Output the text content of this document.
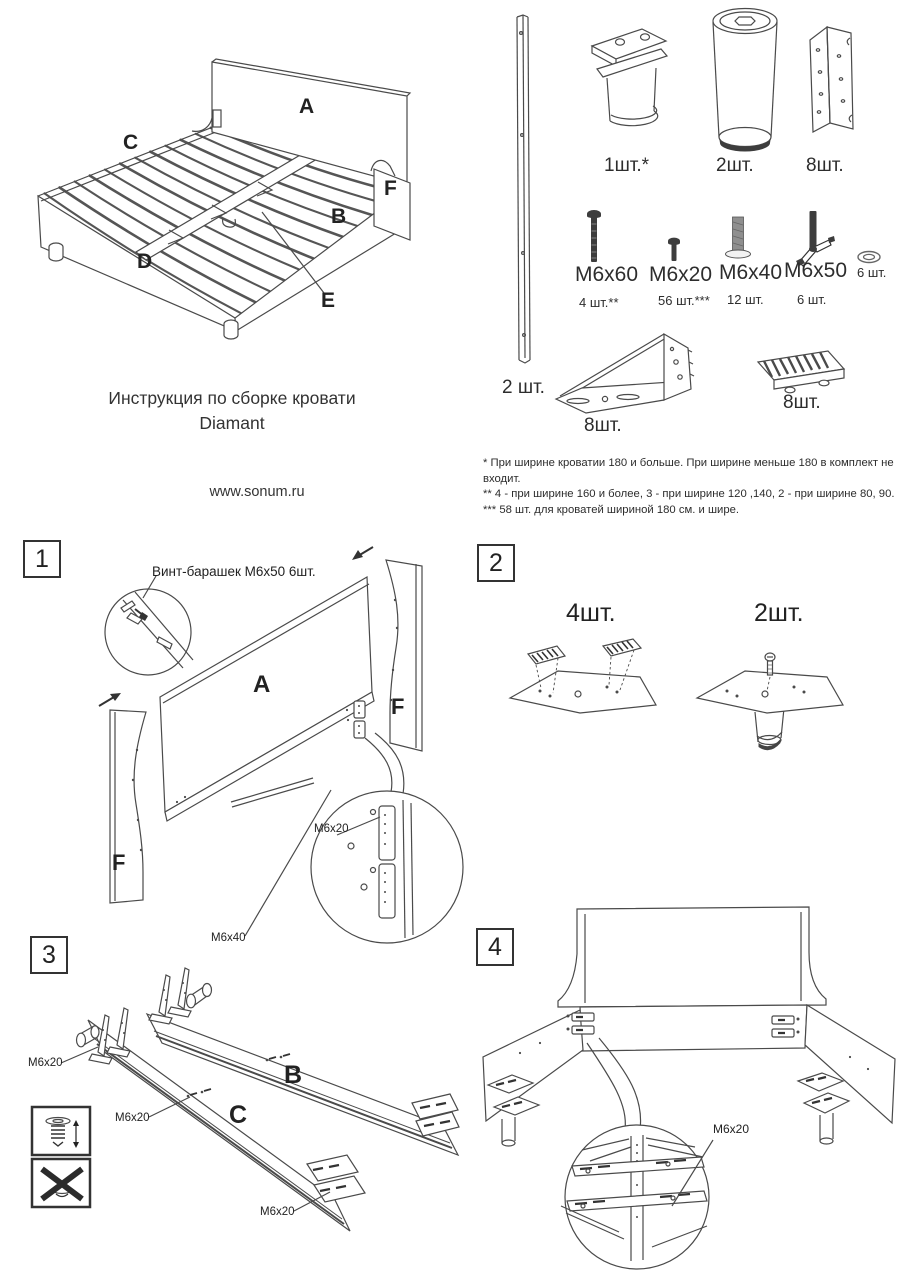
A
C
F
B
D
E
Инструкция по сборке кровати
Diamant
www.sonum.ru
2 шт.
1шт.*	2шт.	8шт.
M6x60 M6x20 M6x40 M6x50
4 шт.**	56 шт.*** 12 шт.	6 шт.
6 шт.
8шт.
8шт.
* При ширине кроватии 180 и больше. При ширине меньше 180 в комплект не входит.
** 4 - при ширине 160 и более, 3 - при ширине 120 ,140, 2 - при ширине 80, 90.
*** 58 шт. для кроватей шириной 180 см. и шире.
1	Винт-барашек М6х50 6шт.
A
F
F
M6x20
M6x40
2
4шт.	2шт.
3
M6x20	B
C
M6x20
M6x20
4
M6x20
